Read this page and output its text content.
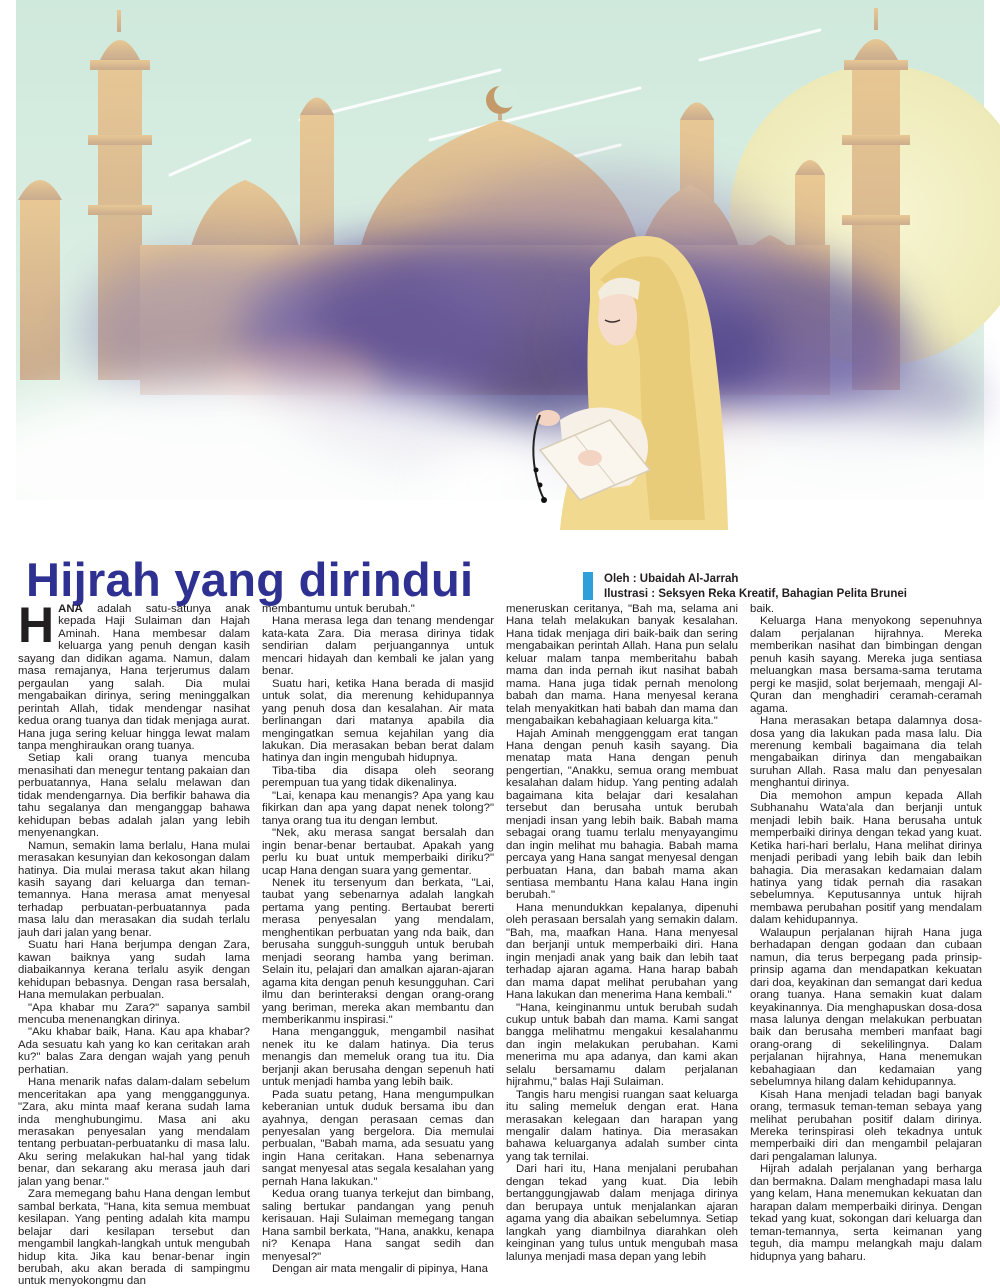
Hijrah yang dirindui	Oleh : Ubaidah Al-Jarrah
Ilustrasi : Seksyen Reka Kreatif, Bahagian Pelita Brunei

HANA adalah satu-satunya anak kepada Haji Sulaiman dan Hajah Aminah. Hana membesar dalam keluarga yang penuh dengan kasih sayang dan didikan agama. Namun, dalam masa remajanya, Hana terjerumus dalam pergaulan yang salah. Dia mulai mengabaikan dirinya, sering meninggalkan perintah Allah, tidak mendengar nasihat kedua orang tuanya dan tidak menjaga aurat. Hana juga sering keluar hingga lewat malam tanpa menghiraukan orang tuanya.

Setiap kali orang tuanya mencuba menasihati dan menegur tentang pakaian dan perbuatannya, Hana selalu melawan dan tidak mendengarnya. Dia berfikir bahawa dia tahu segalanya dan menganggap bahawa kehidupan bebas adalah jalan yang lebih menyenangkan.

Namun, semakin lama berlalu, Hana mulai merasakan kesunyian dan kekosongan dalam hatinya. Dia mulai merasa takut akan hilang kasih sayang dari keluarga dan teman-temannya. Hana merasa amat menyesal terhadap perbuatan-perbuatannya pada masa lalu dan merasakan dia sudah terlalu jauh dari jalan yang benar.

Suatu hari Hana berjumpa dengan Zara, kawan baiknya yang sudah lama diabaikannya kerana terlalu asyik dengan kehidupan bebasnya. Dengan rasa bersalah, Hana memulakan perbualan.

"Apa khabar mu Zara?" sapanya sambil mencuba menenangkan dirinya.

"Aku khabar baik, Hana. Kau apa khabar? Ada sesuatu kah yang ko kan ceritakan arah ku?" balas Zara dengan wajah yang penuh perhatian.

Hana menarik nafas dalam-dalam sebelum menceritakan apa yang mengganggunya. "Zara, aku minta maaf kerana sudah lama inda menghubungimu. Masa ani aku merasakan penyesalan yang mendalam tentang perbuatan-perbuatanku di masa lalu. Aku sering melakukan hal-hal yang tidak benar, dan sekarang aku merasa jauh dari jalan yang benar."

Zara memegang bahu Hana dengan lembut sambal berkata, "Hana, kita semua membuat kesilapan. Yang penting adalah kita mampu belajar dari kesilapan tersebut dan mengambil langkah-langkah untuk mengubah hidup kita. Jika kau benar-benar ingin berubah, aku akan berada di sampingmu untuk menyokongmu dan

membantumu untuk berubah."

Hana merasa lega dan tenang mendengar kata-kata Zara. Dia merasa dirinya tidak sendirian dalam perjuangannya untuk mencari hidayah dan kembali ke jalan yang benar.

Suatu hari, ketika Hana berada di masjid untuk solat, dia merenung kehidupannya yang penuh dosa dan kesalahan. Air mata berlinangan dari matanya apabila dia mengingatkan semua kejahilan yang dia lakukan. Dia merasakan beban berat dalam hatinya dan ingin mengubah hidupnya.

Tiba-tiba dia disapa oleh seorang perempuan tua yang tidak dikenalinya.

"Lai, kenapa kau menangis? Apa yang kau fikirkan dan apa yang dapat nenek tolong?" tanya orang tua itu dengan lembut.

"Nek, aku merasa sangat bersalah dan ingin benar-benar bertaubat. Apakah yang perlu ku buat untuk memperbaiki diriku?" ucap Hana dengan suara yang gementar.

Nenek itu tersenyum dan berkata, "Lai, taubat yang sebenarnya adalah langkah pertama yang penting. Bertaubat bererti merasa penyesalan yang mendalam, menghentikan perbuatan yang nda baik, dan berusaha sungguh-sungguh untuk berubah menjadi seorang hamba yang beriman. Selain itu, pelajari dan amalkan ajaran-ajaran agama kita dengan penuh kesungguhan. Cari ilmu dan berinteraksi dengan orang-orang yang beriman, mereka akan membantu dan memberikanmu inspirasi."

Hana mengangguk, mengambil nasihat nenek itu ke dalam hatinya. Dia terus menangis dan memeluk orang tua itu. Dia berjanji akan berusaha dengan sepenuh hati untuk menjadi hamba yang lebih baik.

Pada suatu petang, Hana mengumpulkan keberanian untuk duduk bersama ibu dan ayahnya, dengan perasaan cemas dan penyesalan yang bergelora. Dia memulai perbualan, "Babah mama, ada sesuatu yang ingin Hana ceritakan. Hana sebenarnya sangat menyesal atas segala kesalahan yang pernah Hana lakukan."

Kedua orang tuanya terkejut dan bimbang, saling bertukar pandangan yang penuh kerisauan. Haji Sulaiman memegang tangan Hana sambil berkata, "Hana, anakku, kenapa ni? Kenapa Hana sangat sedih dan menyesal?"

Dengan air mata mengalir di pipinya, Hana

meneruskan ceritanya, "Bah ma, selama ani Hana telah melakukan banyak kesalahan. Hana tidak menjaga diri baik-baik dan sering mengabaikan perintah Allah. Hana pun selalu keluar malam tanpa memberitahu babah mama dan inda pernah ikut nasihat babah mama. Hana juga tidak pernah menolong babah dan mama. Hana menyesal kerana telah menyakitkan hati babah dan mama dan mengabaikan kebahagiaan keluarga kita."

Hajah Aminah menggenggam erat tangan Hana dengan penuh kasih sayang. Dia menatap mata Hana dengan penuh pengertian, "Anakku, semua orang membuat kesalahan dalam hidup. Yang penting adalah bagaimana kita belajar dari kesalahan tersebut dan berusaha untuk berubah menjadi insan yang lebih baik. Babah mama sebagai orang tuamu terlalu menyayangimu dan ingin melihat mu bahagia. Babah mama percaya yang Hana sangat menyesal dengan perbuatan Hana, dan babah mama akan sentiasa membantu Hana kalau Hana ingin berubah."

Hana menundukkan kepalanya, dipenuhi oleh perasaan bersalah yang semakin dalam. "Bah, ma, maafkan Hana. Hana menyesal dan berjanji untuk memperbaiki diri. Hana ingin menjadi anak yang baik dan lebih taat terhadap ajaran agama. Hana harap babah dan mama dapat melihat perubahan yang Hana lakukan dan menerima Hana kembali."

"Hana, keinginanmu untuk berubah sudah cukup untuk babah dan mama. Kami sangat bangga melihatmu mengakui kesalahanmu dan ingin melakukan perubahan. Kami menerima mu apa adanya, dan kami akan selalu bersamamu dalam perjalanan hijrahmu," balas Haji Sulaiman.

Tangis haru mengisi ruangan saat keluarga itu saling memeluk dengan erat. Hana merasakan kelegaan dan harapan yang mengalir dalam hatinya. Dia merasakan bahawa keluarganya adalah sumber cinta yang tak ternilai.

Dari hari itu, Hana menjalani perubahan dengan tekad yang kuat. Dia lebih bertanggungjawab dalam menjaga dirinya dan berupaya untuk menjalankan ajaran agama yang dia abaikan sebelumnya. Setiap langkah yang diambilnya diarahkan oleh keinginan yang tulus untuk mengubah masa lalunya menjadi masa depan yang lebih

baik.

Keluarga Hana menyokong sepenuhnya dalam perjalanan hijrahnya. Mereka memberikan nasihat dan bimbingan dengan penuh kasih sayang. Mereka juga sentiasa meluangkan masa bersama-sama terutama pergi ke masjid, solat berjemaah, mengaji Al-Quran dan menghadiri ceramah-ceramah agama.

Hana merasakan betapa dalamnya dosa-dosa yang dia lakukan pada masa lalu. Dia merenung kembali bagaimana dia telah mengabaikan dirinya dan mengabaikan suruhan Allah. Rasa malu dan penyesalan menghantui dirinya.

Dia memohon ampun kepada Allah Subhanahu Wata'ala dan berjanji untuk menjadi lebih baik. Hana berusaha untuk memperbaiki dirinya dengan tekad yang kuat. Ketika hari-hari berlalu, Hana melihat dirinya menjadi peribadi yang lebih baik dan lebih bahagia. Dia merasakan kedamaian dalam hatinya yang tidak pernah dia rasakan sebelumnya. Keputusannya untuk hijrah membawa perubahan positif yang mendalam dalam kehidupannya.

Walaupun perjalanan hijrah Hana juga berhadapan dengan godaan dan cubaan namun, dia terus berpegang pada prinsip-prinsip agama dan mendapatkan kekuatan dari doa, keyakinan dan semangat dari kedua orang tuanya. Hana semakin kuat dalam keyakinannya. Dia menghapuskan dosa-dosa masa lalunya dengan melakukan perbuatan baik dan berusaha memberi manfaat bagi orang-orang di sekelilingnya. Dalam perjalanan hijrahnya, Hana menemukan kebahagiaan dan kedamaian yang sebelumnya hilang dalam kehidupannya.

Kisah Hana menjadi teladan bagi banyak orang, termasuk teman-teman sebaya yang melihat perubahan positif dalam dirinya. Mereka terinspirasi oleh tekadnya untuk memperbaiki diri dan mengambil pelajaran dari pengalaman lalunya.

Hijrah adalah perjalanan yang berharga dan bermakna. Dalam menghadapi masa lalu yang kelam, Hana menemukan kekuatan dan harapan dalam memperbaiki dirinya. Dengan tekad yang kuat, sokongan dari keluarga dan teman-temannya, serta keimanan yang teguh, dia mampu melangkah maju dalam hidupnya yang baharu.
